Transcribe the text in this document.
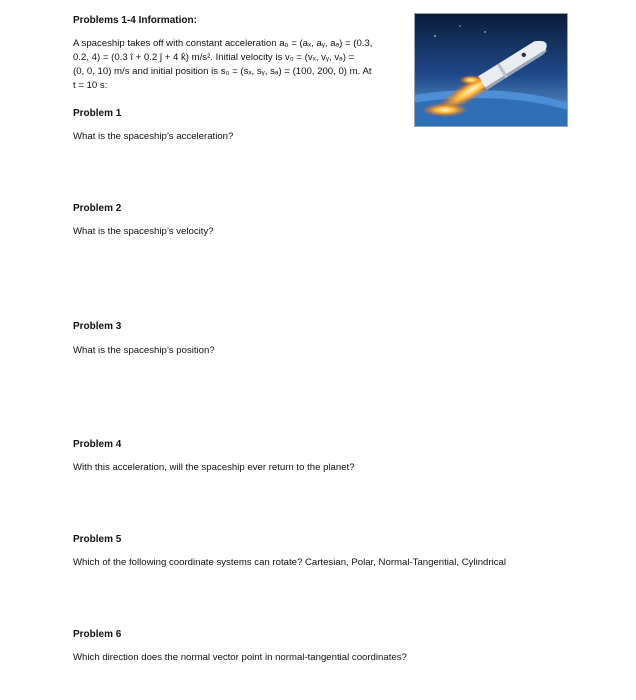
Problems 1-4 Information:
A spaceship takes off with constant acceleration a₀ = (aₓ, aᵧ, aₔ) = (0.3,
0.2, 4) = (0.3 î + 0.2 ĵ + 4 k̂) m/s². Initial velocity is v₀ = (vₓ, vᵧ, vₔ) =
(0, 0, 10) m/s and initial position is s₀ = (sₓ, sᵧ, sₔ) = (100, 200, 0) m. At
t = 10 s:
Problem 1
What is the spaceship’s acceleration?
Problem 2
What is the spaceship’s velocity?
Problem 3
What is the spaceship’s position?
Problem 4
With this acceleration, will the spaceship ever return to the planet?
Problem 5
Which of the following coordinate systems can rotate? Cartesian, Polar, Normal-Tangential, Cylindrical
Problem 6
Which direction does the normal vector point in normal-tangential coordinates?
